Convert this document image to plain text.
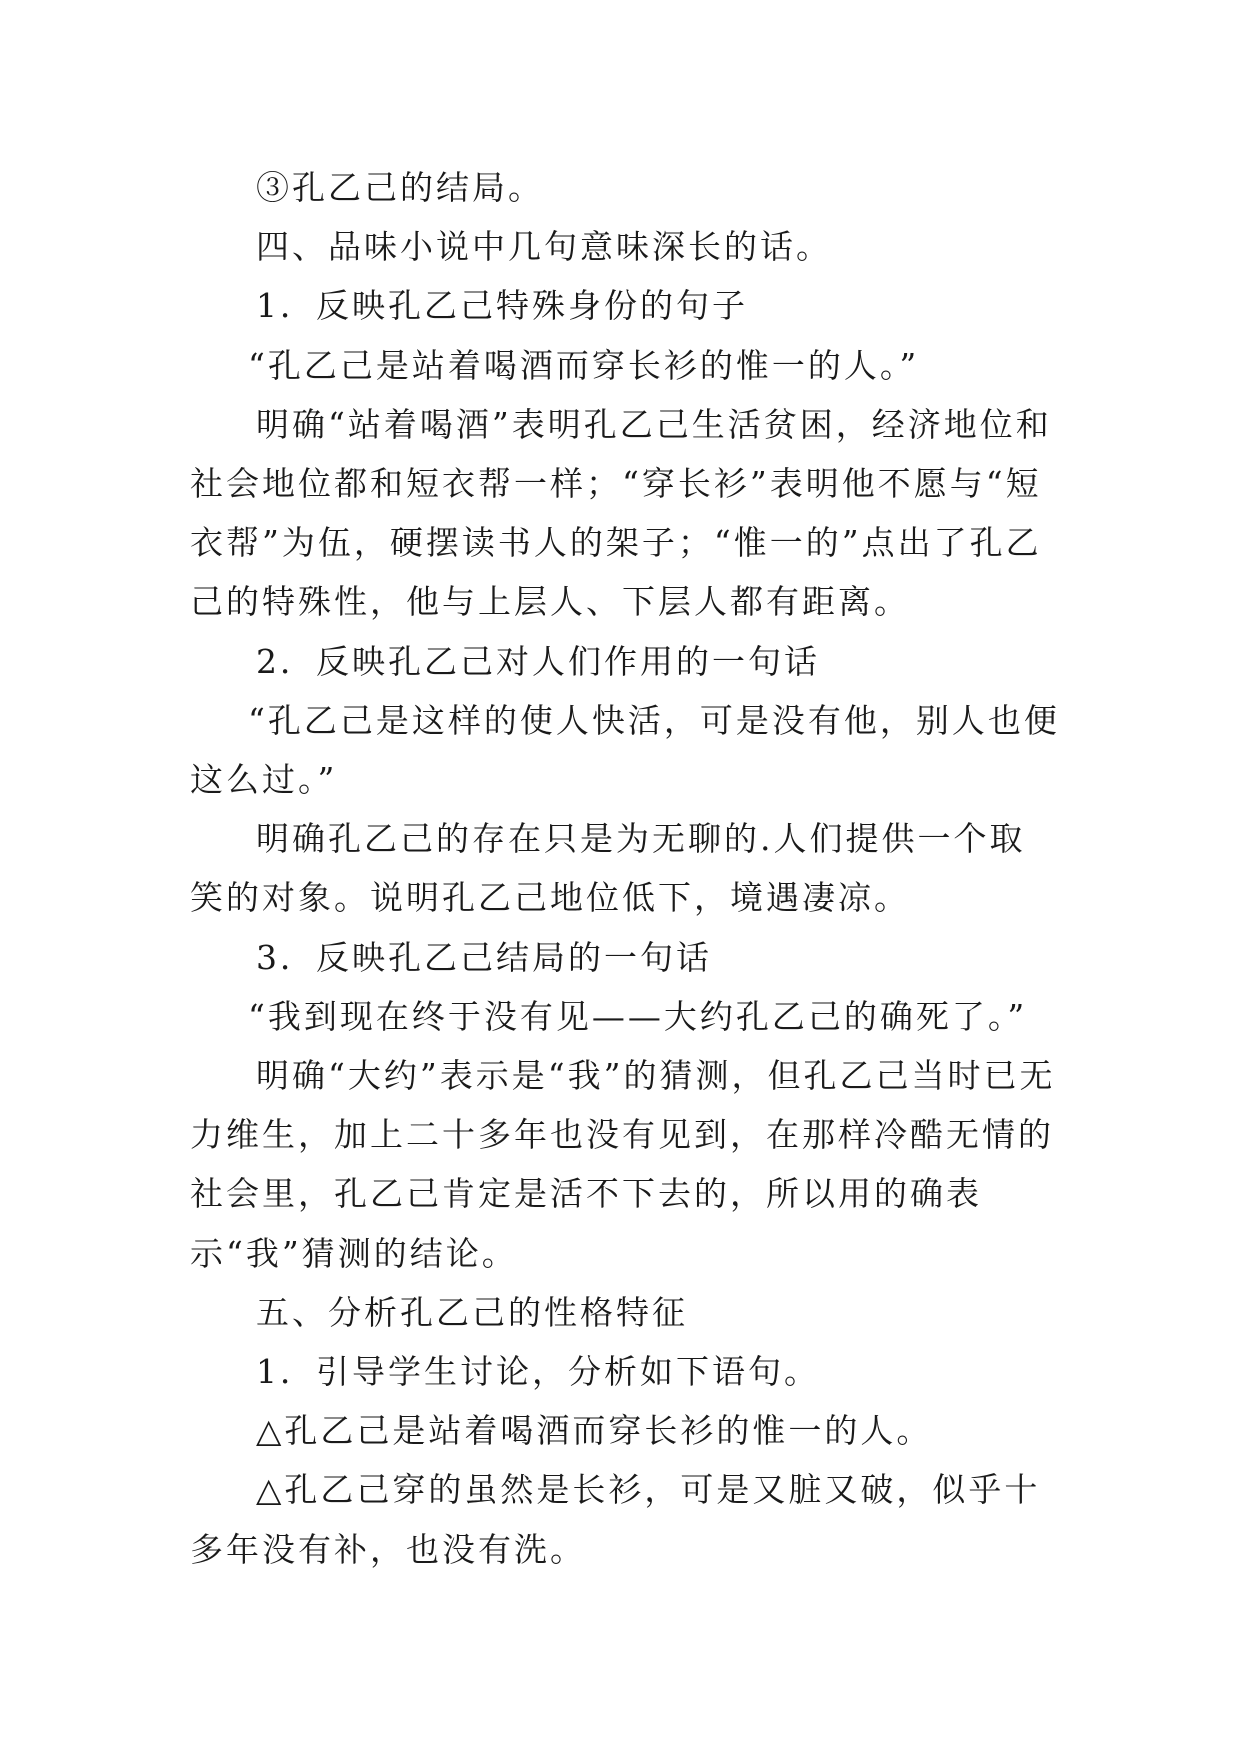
③孔乙己的结局。

四、品味小说中几句意味深长的话。

1．反映孔乙己特殊身份的句子

“孔乙己是站着喝酒而穿长衫的惟一的人。”

明确“站着喝酒”表明孔乙己生活贫困，经济地位和社会地位都和短衣帮一样；“穿长衫”表明他不愿与“短衣帮”为伍，硬摆读书人的架子；“惟一的”点出了孔乙己的特殊性，他与上层人、下层人都有距离。

2．反映孔乙己对人们作用的一句话

“孔乙己是这样的使人快活，可是没有他，别人也便这么过。”

明确孔乙己的存在只是为无聊的.人们提供一个取笑的对象。说明孔乙己地位低下，境遇凄凉。

3．反映孔乙己结局的一句话

“我到现在终于没有见——大约孔乙己的确死了。”

明确“大约”表示是“我”的猜测，但孔乙己当时已无力维生，加上二十多年也没有见到，在那样冷酷无情的社会里，孔乙己肯定是活不下去的，所以用的确表示“我”猜测的结论。

五、分析孔乙己的性格特征

1．引导学生讨论，分析如下语句。

△孔乙己是站着喝酒而穿长衫的惟一的人。

△孔乙己穿的虽然是长衫，可是又脏又破，似乎十多年没有补，也没有洗。
